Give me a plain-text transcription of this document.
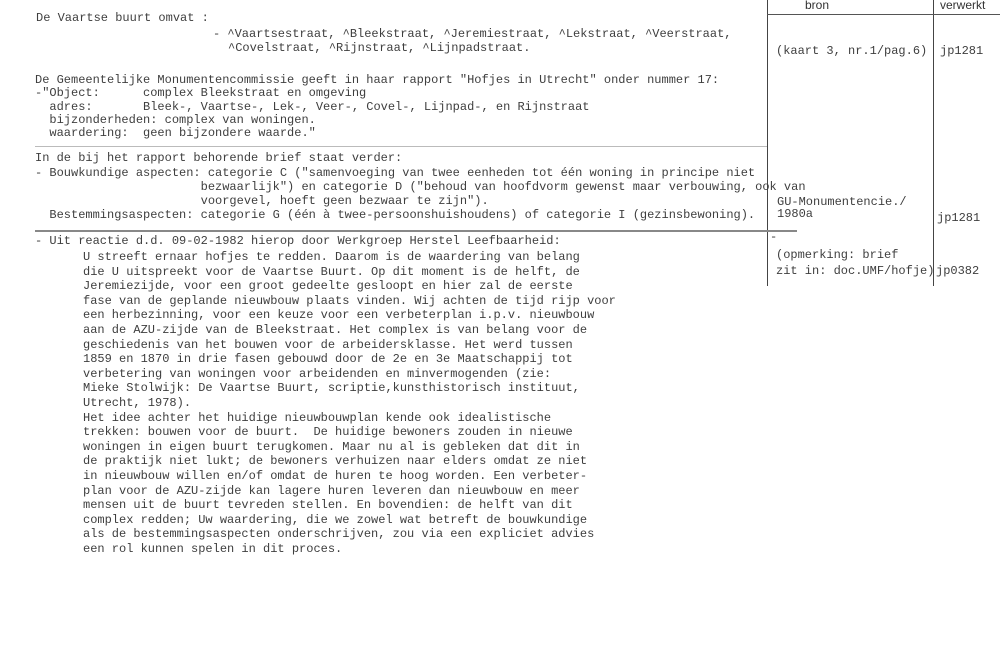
bron	verwerkt
De Vaartse buurt omvat :
- ^Vaartsestraat, ^Bleekstraat, ^Jeremiestraat, ^Lekstraat, ^Veerstraat,
^Covelstraat, ^Rijnstraat, ^Lijnpadstraat.	(kaart 3, nr.1/pag.6) jp1281
De Gemeentelijke Monumentencommissie geeft in haar rapport "Hofjes in Utrecht" onder nummer 17:
-"Object:      complex Bleekstraat en omgeving
adres:       Bleek-, Vaartse-, Lek-, Veer-, Covel-, Lijnpad-, en Rijnstraat
bijzonderheden: complex van woningen.
waardering:  geen bijzondere waarde."
In de bij het rapport behorende brief staat verder:
- Bouwkundige aspecten: categorie C ("samenvoeging van twee eenheden tot één woning in principe niet
bezwaarlijk") en categorie D ("behoud van hoofdvorm gewenst maar verbouwing, ook van
voorgevel, hoeft geen bezwaar te zijn").
Bestemmingsaspecten: categorie G (één à twee-persoonshuishoudens) of categorie I (gezinsbewoning).
GU-Monumentencie./
1980a	jp1281
- Uit reactie d.d. 09-02-1982 hierop door Werkgroep Herstel Leefbaarheid:
U streeft ernaar hofjes te redden. Daarom is de waardering van belang
die U uitspreekt voor de Vaartse Buurt. Op dit moment is de helft, de
Jeremiezijde, voor een groot gedeelte gesloopt en hier zal de eerste
fase van de geplande nieuwbouw plaats vinden. Wij achten de tijd rijp voor
een herbezinning, voor een keuze voor een verbeterplan i.p.v. nieuwbouw
aan de AZU-zijde van de Bleekstraat. Het complex is van belang voor de
geschiedenis van het bouwen voor de arbeidersklasse. Het werd tussen
1859 en 1870 in drie fasen gebouwd door de 2e en 3e Maatschappij tot
verbetering van woningen voor arbeidenden en minvermogenden (zie:
Mieke Stolwijk: De Vaartse Buurt, scriptie,kunsthistorisch instituut,
Utrecht, 1978).
Het idee achter het huidige nieuwbouwplan kende ook idealistische
trekken: bouwen voor de buurt.  De huidige bewoners zouden in nieuwe
woningen in eigen buurt terugkomen. Maar nu al is gebleken dat dit in
de praktijk niet lukt; de bewoners verhuizen naar elders omdat ze niet
in nieuwbouw willen en/of omdat de huren te hoog worden. Een verbeter-
plan voor de AZU-zijde kan lagere huren leveren dan nieuwbouw en meer
mensen uit de buurt tevreden stellen. En bovendien: de helft van dit
complex redden; Uw waardering, die we zowel wat betreft de bouwkundige
als de bestemmingsaspecten onderschrijven, zou via een expliciet advies
een rol kunnen spelen in dit proces.
-
(opmerking: brief
zit in: doc.UMF/hofje) jp0382
